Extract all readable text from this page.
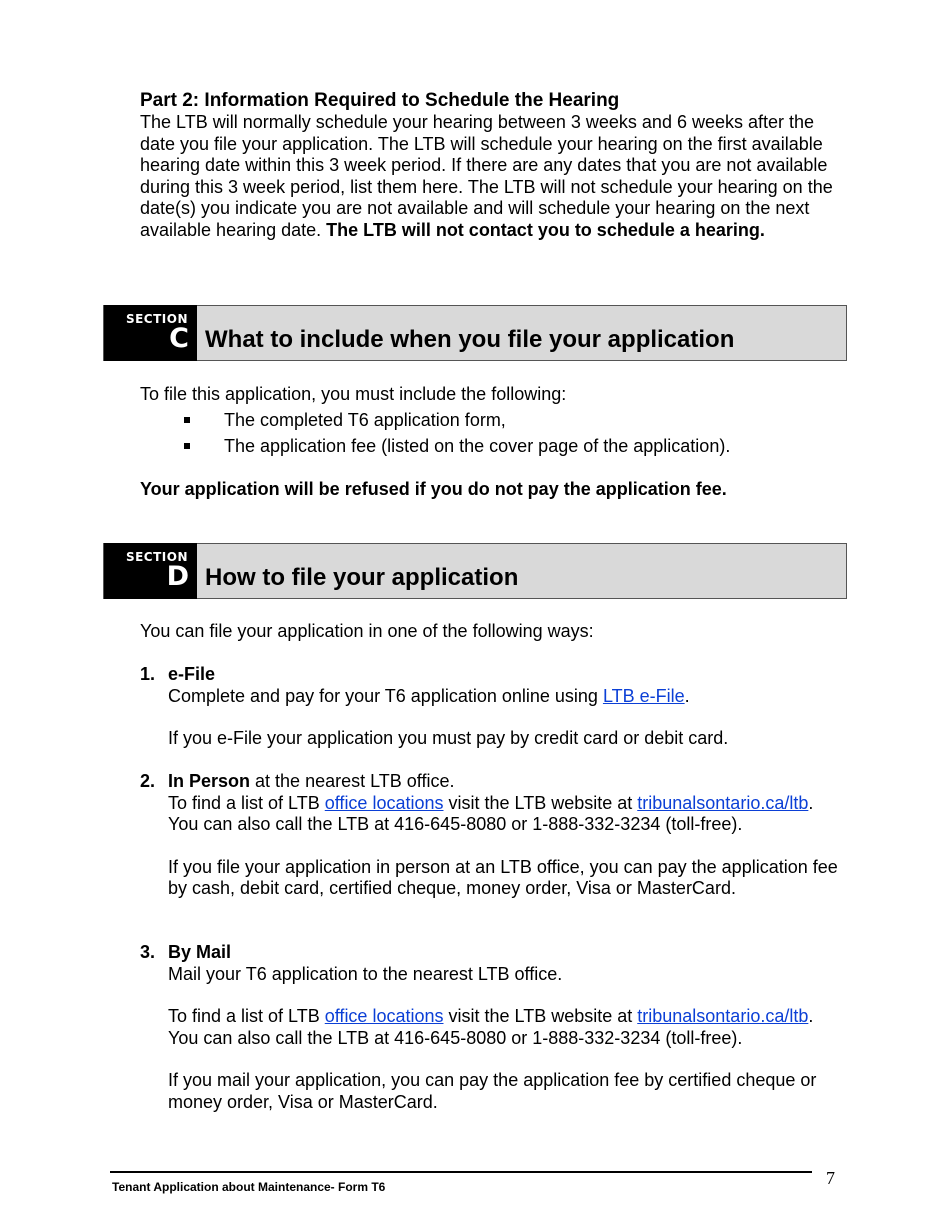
Part 2: Information Required to Schedule the Hearing

The LTB will normally schedule your hearing between 3 weeks and 6 weeks after the date you file your application. The LTB will schedule your hearing on the first available hearing date within this 3 week period. If there are any dates that you are not available during this 3 week period, list them here. The LTB will not schedule your hearing on the date(s) you indicate you are not available and will schedule your hearing on the next available hearing date. The LTB will not contact you to schedule a hearing.

SECTION
C What to include when you file your application

To file this application, you must include the following:

The completed T6 application form,
The application fee (listed on the cover page of the application).

Your application will be refused if you do not pay the application fee.

SECTION
D How to file your application

You can file your application in one of the following ways:

1. e-File

Complete and pay for your T6 application online using LTB e-File.

If you e-File your application you must pay by credit card or debit card.

2. In Person at the nearest LTB office.

To find a list of LTB office locations visit the LTB website at tribunalsontario.ca/ltb. You can also call the LTB at 416-645-8080 or 1-888-332-3234 (toll-free).

If you file your application in person at an LTB office, you can pay the application fee by cash, debit card, certified cheque, money order, Visa or MasterCard.

3. By Mail

Mail your T6 application to the nearest LTB office.

To find a list of LTB office locations visit the LTB website at tribunalsontario.ca/ltb. You can also call the LTB at 416-645-8080 or 1-888-332-3234 (toll-free).

If you mail your application, you can pay the application fee by certified cheque or money order, Visa or MasterCard.

Tenant Application about Maintenance- Form T6	7
